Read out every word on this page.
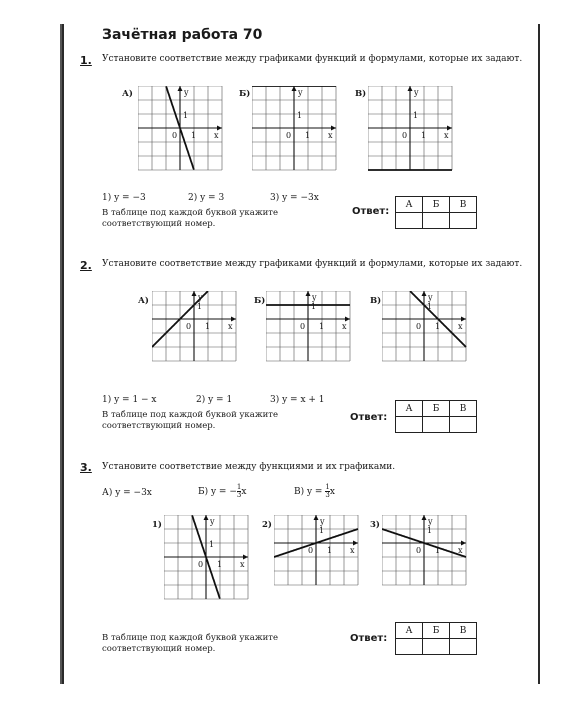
Зачётная работа 70
1. Установите соответствие между графиками функций и формулами, которые их задают.
А)	y
x
0 1
1
Б)	y
x
0 1
1
В)	y
x
0 1
1
1) y = −3	2) y = 3	3) y = −3x
В таблице под каждой буквой укажите соответствующий номер.
Ответ:
А	Б	В

2. Установите соответствие между графиками функций и формулами, которые их задают.
А)	y
x
0 1
1
Б)	y
x
0 1
1
В)	y
x
0 1
1
1) y = 1 − x	2) y = 1	3) y = x + 1
В таблице под каждой буквой укажите соответствующий номер.
Ответ:
А	Б	В

3. Установите соответствие между функциями и их графиками.
А) y = −3x	Б) y = − $\frac{1}{3}$ x	В) $y = \frac{1}{3}$ x
1)	y
x
0 1
1
2)	y
x
0 1
1
3)	y
x
0 1
1
В таблице под каждой буквой укажите соответствующий номер.
Ответ:
А	Б	В
